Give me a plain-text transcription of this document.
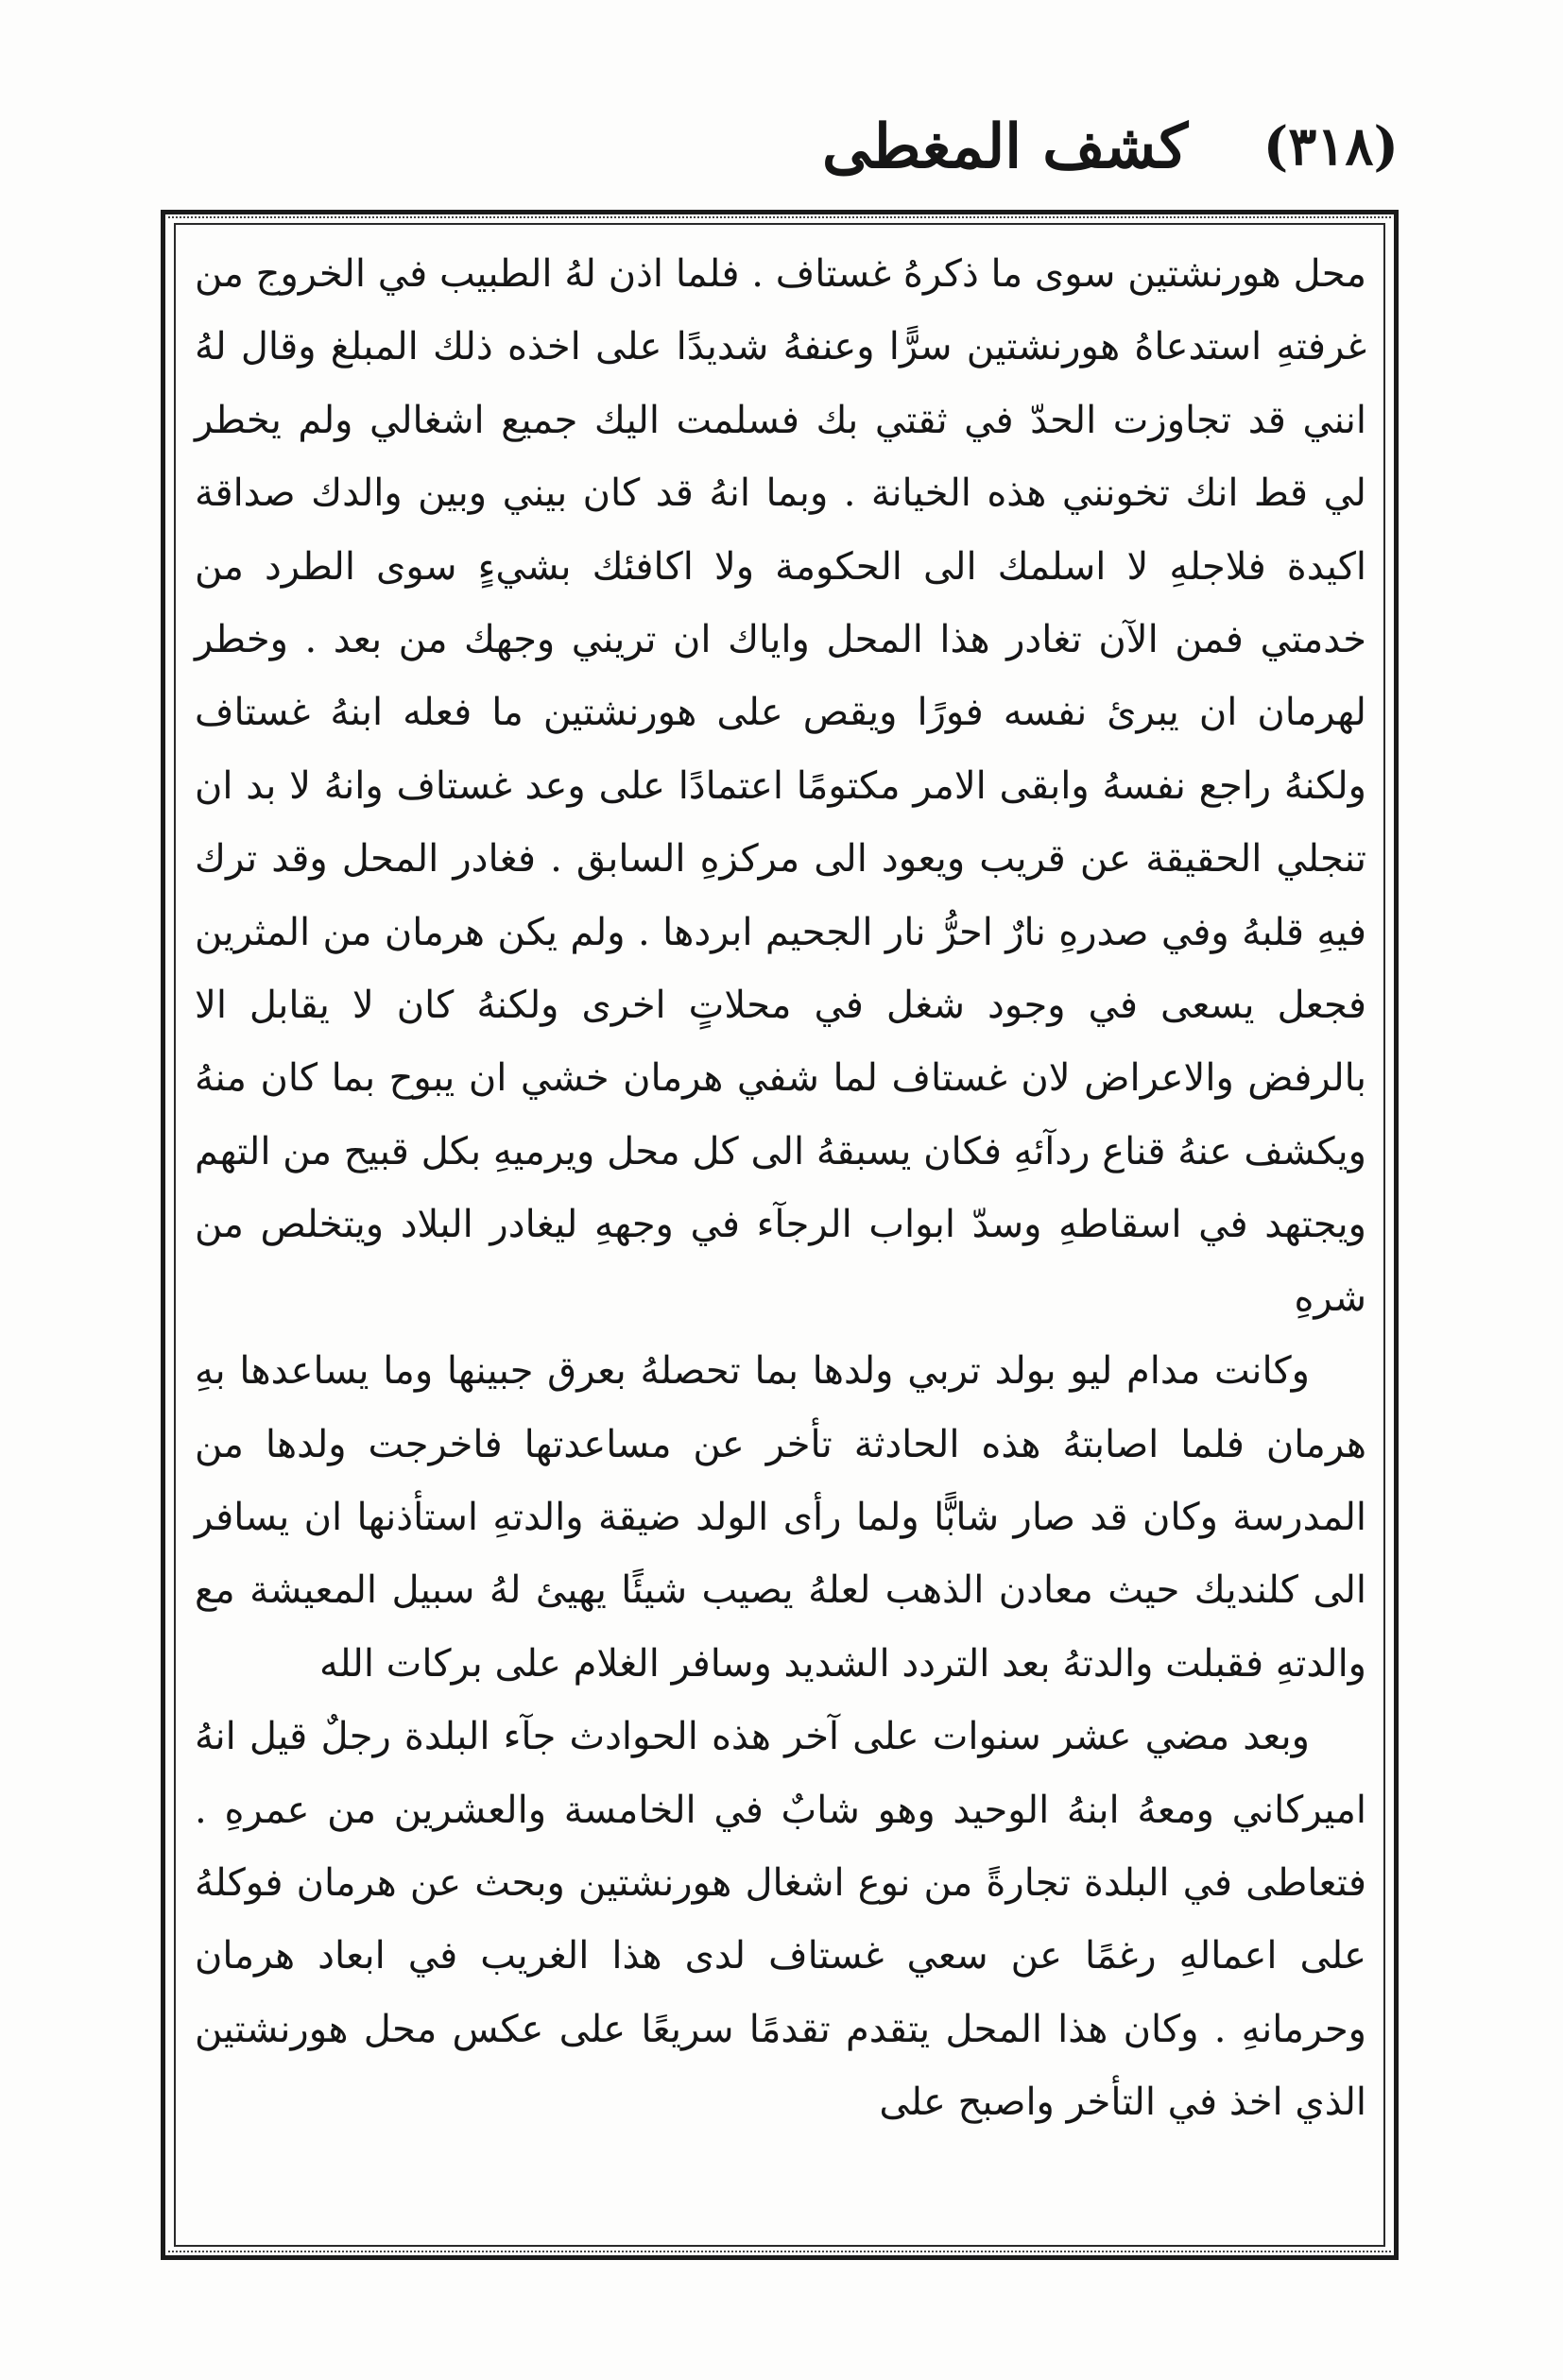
كشف المغطى (٣١٨)

محل هورنشتين سوى ما ذكرهُ غستاف . فلما اذن لهُ الطبيب في الخروج من غرفتهِ استدعاهُ هورنشتين سرًّا وعنفهُ شديدًا على اخذه ذلك المبلغ وقال لهُ انني قد تجاوزت الحدّ في ثقتي بك فسلمت اليك جميع اشغالي ولم يخطر لي قط انك تخونني هذه الخيانة . وبما انهُ قد كان بيني وبين والدك صداقة اكيدة فلاجلهِ لا اسلمك الى الحكومة ولا اكافئك بشيءٍ سوى الطرد من خدمتي فمن الآن تغادر هذا المحل واياك ان تريني وجهك من بعد . وخطر لهرمان ان يبرئ نفسه فورًا ويقص على هورنشتين ما فعله ابنهُ غستاف ولكنهُ راجع نفسهُ وابقى الامر مكتومًا اعتمادًا على وعد غستاف وانهُ لا بد ان تنجلي الحقيقة عن قريب ويعود الى مركزهِ السابق . فغادر المحل وقد ترك فيهِ قلبهُ وفي صدرهِ نارٌ احرُّ نار الجحيم ابردها . ولم يكن هرمان من المثرين فجعل يسعى في وجود شغل في محلاتٍ اخرى ولكنهُ كان لا يقابل الا بالرفض والاعراض لان غستاف لما شفي هرمان خشي ان يبوح بما كان منهُ ويكشف عنهُ قناع ردآئهِ فكان يسبقهُ الى كل محل ويرميهِ بكل قبيح من التهم ويجتهد في اسقاطهِ وسدّ ابواب الرجآء في وجههِ ليغادر البلاد ويتخلص من شرهِ

وكانت مدام ليو بولد تربي ولدها بما تحصلهُ بعرق جبينها وما يساعدها بهِ هرمان فلما اصابتهُ هذه الحادثة تأخر عن مساعدتها فاخرجت ولدها من المدرسة وكان قد صار شابًّا ولما رأى الولد ضيقة والدتهِ استأذنها ان يسافر الى كلنديك حيث معادن الذهب لعلهُ يصيب شيئًا يهيئ لهُ سبيل المعيشة مع والدتهِ فقبلت والدتهُ بعد التردد الشديد وسافر الغلام على بركات الله

وبعد مضي عشر سنوات على آخر هذه الحوادث جآء البلدة رجلٌ قيل انهُ اميركاني ومعهُ ابنهُ الوحيد وهو شابٌ في الخامسة والعشرين من عمرهِ . فتعاطى في البلدة تجارةً من نوع اشغال هورنشتين وبحث عن هرمان فوكلهُ على اعمالهِ رغمًا عن سعي غستاف لدى هذا الغريب في ابعاد هرمان وحرمانهِ . وكان هذا المحل يتقدم تقدمًا سريعًا على عكس محل هورنشتين الذي اخذ في التأخر واصبح على
